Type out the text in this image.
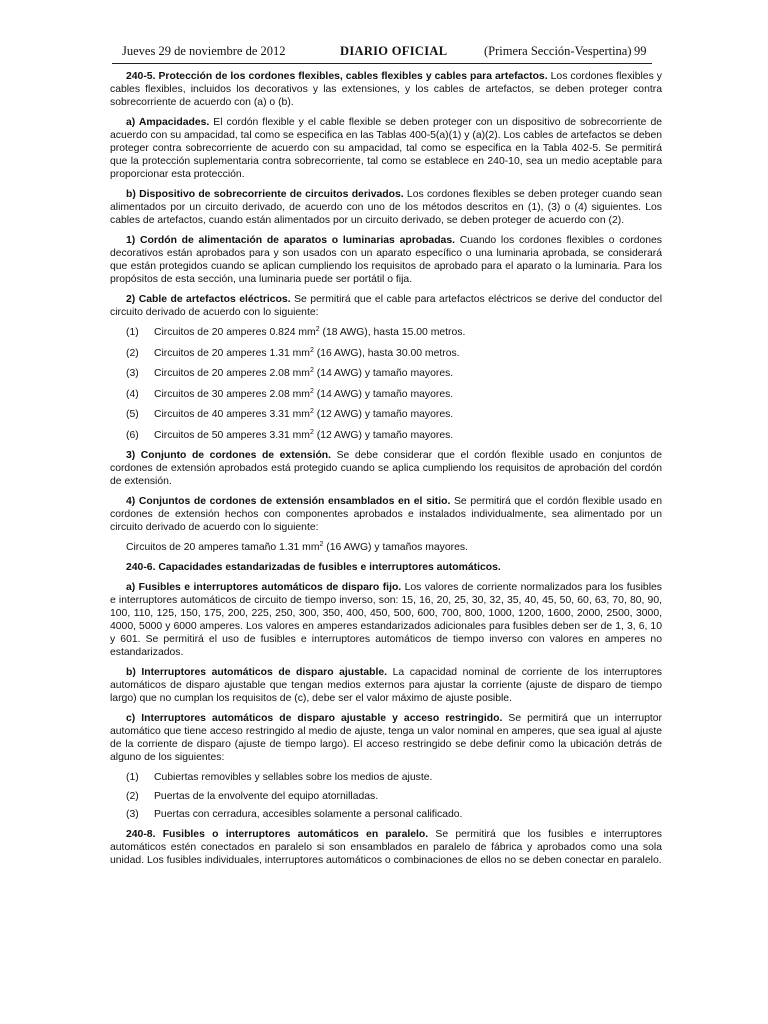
Jueves 29 de noviembre de 2012	DIARIO OFICIAL	(Primera Sección-Vespertina) 99

240-5. Protección de los cordones flexibles, cables flexibles y cables para artefactos. Los cordones flexibles y cables flexibles, incluidos los decorativos y las extensiones, y los cables de artefactos, se deben proteger contra sobrecorriente de acuerdo con (a) o (b).

a) Ampacidades. El cordón flexible y el cable flexible se deben proteger con un dispositivo de sobrecorriente de acuerdo con su ampacidad, tal como se especifica en las Tablas 400-5(a)(1) y (a)(2). Los cables de artefactos se deben proteger contra sobrecorriente de acuerdo con su ampacidad, tal como se especifica en la Tabla 402-5. Se permitirá que la protección suplementaria contra sobrecorriente, tal como se establece en 240-10, sea un medio aceptable para proporcionar esta protección.

b) Dispositivo de sobrecorriente de circuitos derivados. Los cordones flexibles se deben proteger cuando sean alimentados por un circuito derivado, de acuerdo con uno de los métodos descritos en (1), (3) o (4) siguientes. Los cables de artefactos, cuando están alimentados por un circuito derivado, se deben proteger de acuerdo con (2).

1) Cordón de alimentación de aparatos o luminarias aprobadas. Cuando los cordones flexibles o cordones decorativos están aprobados para y son usados con un aparato específico o una luminaria aprobada, se considerará que están protegidos cuando se aplican cumpliendo los requisitos de aprobado para el aparato o la luminaria. Para los propósitos de esta sección, una luminaria puede ser portátil o fija.

2) Cable de artefactos eléctricos. Se permitirá que el cable para artefactos eléctricos se derive del conductor del circuito derivado de acuerdo con lo siguiente:

(1)	Circuitos de 20 amperes 0.824 $mm^2$ (18 AWG), hasta 15.00 metros.
(2)	Circuitos de 20 amperes 1.31 $mm^2$ (16 AWG), hasta 30.00 metros.
(3)	Circuitos de 20 amperes 2.08 $mm^2$ (14 AWG) y tamaño mayores.
(4)	Circuitos de 30 amperes 2.08 $mm^2$ (14 AWG) y tamaño mayores.
(5)	Circuitos de 40 amperes 3.31 $mm^2$ (12 AWG) y tamaño mayores.
(6)	Circuitos de 50 amperes 3.31 $mm^2$ (12 AWG) y tamaño mayores.

3) Conjunto de cordones de extensión. Se debe considerar que el cordón flexible usado en conjuntos de cordones de extensión aprobados está protegido cuando se aplica cumpliendo los requisitos de aprobación del cordón de extensión.

4) Conjuntos de cordones de extensión ensamblados en el sitio. Se permitirá que el cordón flexible usado en cordones de extensión hechos con componentes aprobados e instalados individualmente, sea alimentado por un circuito derivado de acuerdo con lo siguiente:

Circuitos de 20 amperes tamaño 1.31 $mm^2$ (16 AWG) y tamaños mayores.

240-6. Capacidades estandarizadas de fusibles e interruptores automáticos.

a) Fusibles e interruptores automáticos de disparo fijo. Los valores de corriente normalizados para los fusibles e interruptores automáticos de circuito de tiempo inverso, son: 15, 16, 20, 25, 30, 32, 35, 40, 45, 50, 60, 63, 70, 80, 90, 100, 110, 125, 150, 175, 200, 225, 250, 300, 350, 400, 450, 500, 600, 700, 800, 1000, 1200, 1600, 2000, 2500, 3000, 4000, 5000 y 6000 amperes. Los valores en amperes estandarizados adicionales para fusibles deben ser de 1, 3, 6, 10 y 601. Se permitirá el uso de fusibles e interruptores automáticos de tiempo inverso con valores en amperes no estandarizados.

b) Interruptores automáticos de disparo ajustable. La capacidad nominal de corriente de los interruptores automáticos de disparo ajustable que tengan medios externos para ajustar la corriente (ajuste de disparo de tiempo largo) que no cumplan los requisitos de (c), debe ser el valor máximo de ajuste posible.

c) Interruptores automáticos de disparo ajustable y acceso restringido. Se permitirá que un interruptor automático que tiene acceso restringido al medio de ajuste, tenga un valor nominal en amperes, que sea igual al ajuste de la corriente de disparo (ajuste de tiempo largo). El acceso restringido se debe definir como la ubicación detrás de alguno de los siguientes:

(1)	Cubiertas removibles y sellables sobre los medios de ajuste.
(2)	Puertas de la envolvente del equipo atornilladas.
(3)	Puertas con cerradura, accesibles solamente a personal calificado.

240-8. Fusibles o interruptores automáticos en paralelo. Se permitirá que los fusibles e interruptores automáticos estén conectados en paralelo si son ensamblados en paralelo de fábrica y aprobados como una sola unidad. Los fusibles individuales, interruptores automáticos o combinaciones de ellos no se deben conectar en paralelo.
